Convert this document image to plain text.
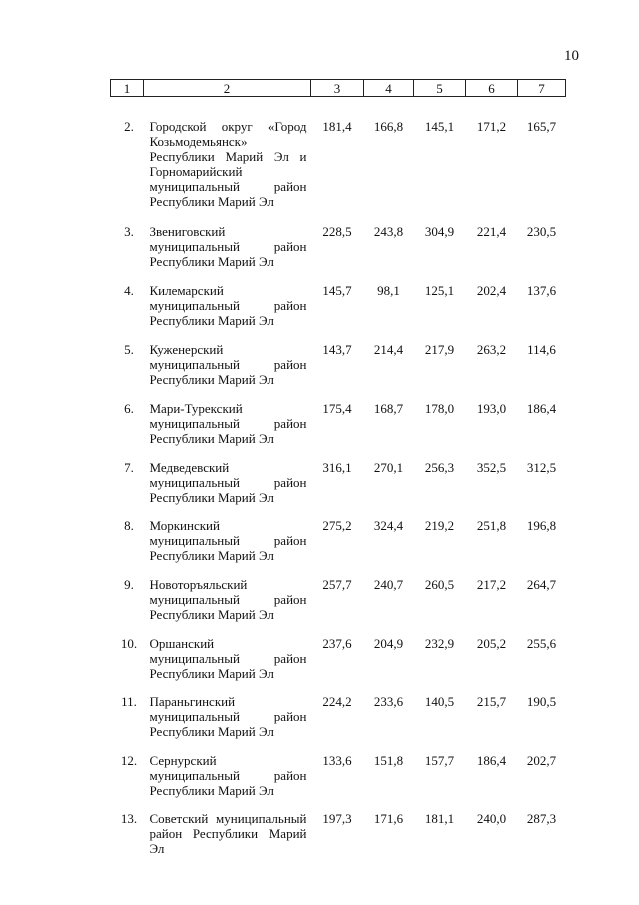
10
1	2	3	4	5	6	7
2.	Городской округ «Город Козьмодемьянск» Республики Марий Эл и Горномарийский муниципальный район Республики Марий Эл	181,4	166,8	145,1	171,2	165,7
3.	Звениговский муниципальный район Республики Марий Эл	228,5	243,8	304,9	221,4	230,5
4.	Килемарский муниципальный район Республики Марий Эл	145,7	98,1	125,1	202,4	137,6
5.	Куженерский муниципальный район Республики Марий Эл	143,7	214,4	217,9	263,2	114,6
6.	Мари-Турекский муниципальный район Республики Марий Эл	175,4	168,7	178,0	193,0	186,4
7.	Медведевский муниципальный район Республики Марий Эл	316,1	270,1	256,3	352,5	312,5
8.	Моркинский муниципальный район Республики Марий Эл	275,2	324,4	219,2	251,8	196,8
9.	Новоторъяльский муниципальный район Республики Марий Эл	257,7	240,7	260,5	217,2	264,7
10.	Оршанский муниципальный район Республики Марий Эл	237,6	204,9	232,9	205,2	255,6
11.	Параньгинский муниципальный район Республики Марий Эл	224,2	233,6	140,5	215,7	190,5
12.	Сернурский муниципальный район Республики Марий Эл	133,6	151,8	157,7	186,4	202,7
13.	Советский муниципальный район Республики Марий Эл	197,3	171,6	181,1	240,0	287,3
